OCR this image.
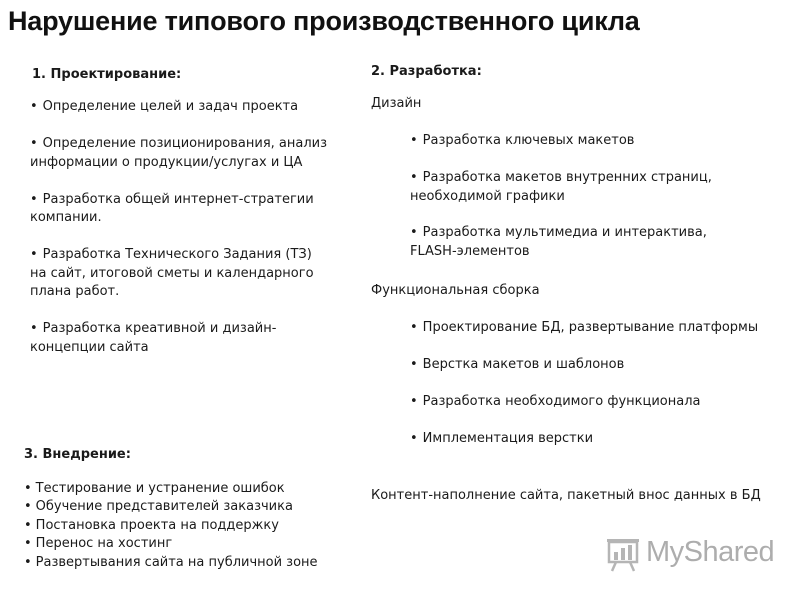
Нарушение типового производственного цикла
1. Проектирование:
• Определение целей и задач проекта
• Определение позиционирования, анализ информации о продукции/услугах и ЦА
• Разработка общей интернет-стратегии компании.
• Разработка Технического Задания (ТЗ) на сайт, итоговой сметы и календарного плана работ.
• Разработка креативной и дизайн-концепции сайта
2. Разработка:
Дизайн
• Разработка ключевых макетов
• Разработка макетов внутренних страниц, необходимой графики
• Разработка мультимедиа и интерактива, FLASH-элементов
Функциональная сборка
• Проектирование БД, развертывание платформы
• Верстка макетов и шаблонов
• Разработка необходимого функционала
• Имплементация верстки
Контент-наполнение сайта, пакетный внос данных в БД
3. Внедрение:
• Тестирование и устранение ошибок
• Обучение представителей заказчика
• Постановка проекта на поддержку
• Перенос на хостинг
• Развертывания сайта на публичной зоне	MyShared
